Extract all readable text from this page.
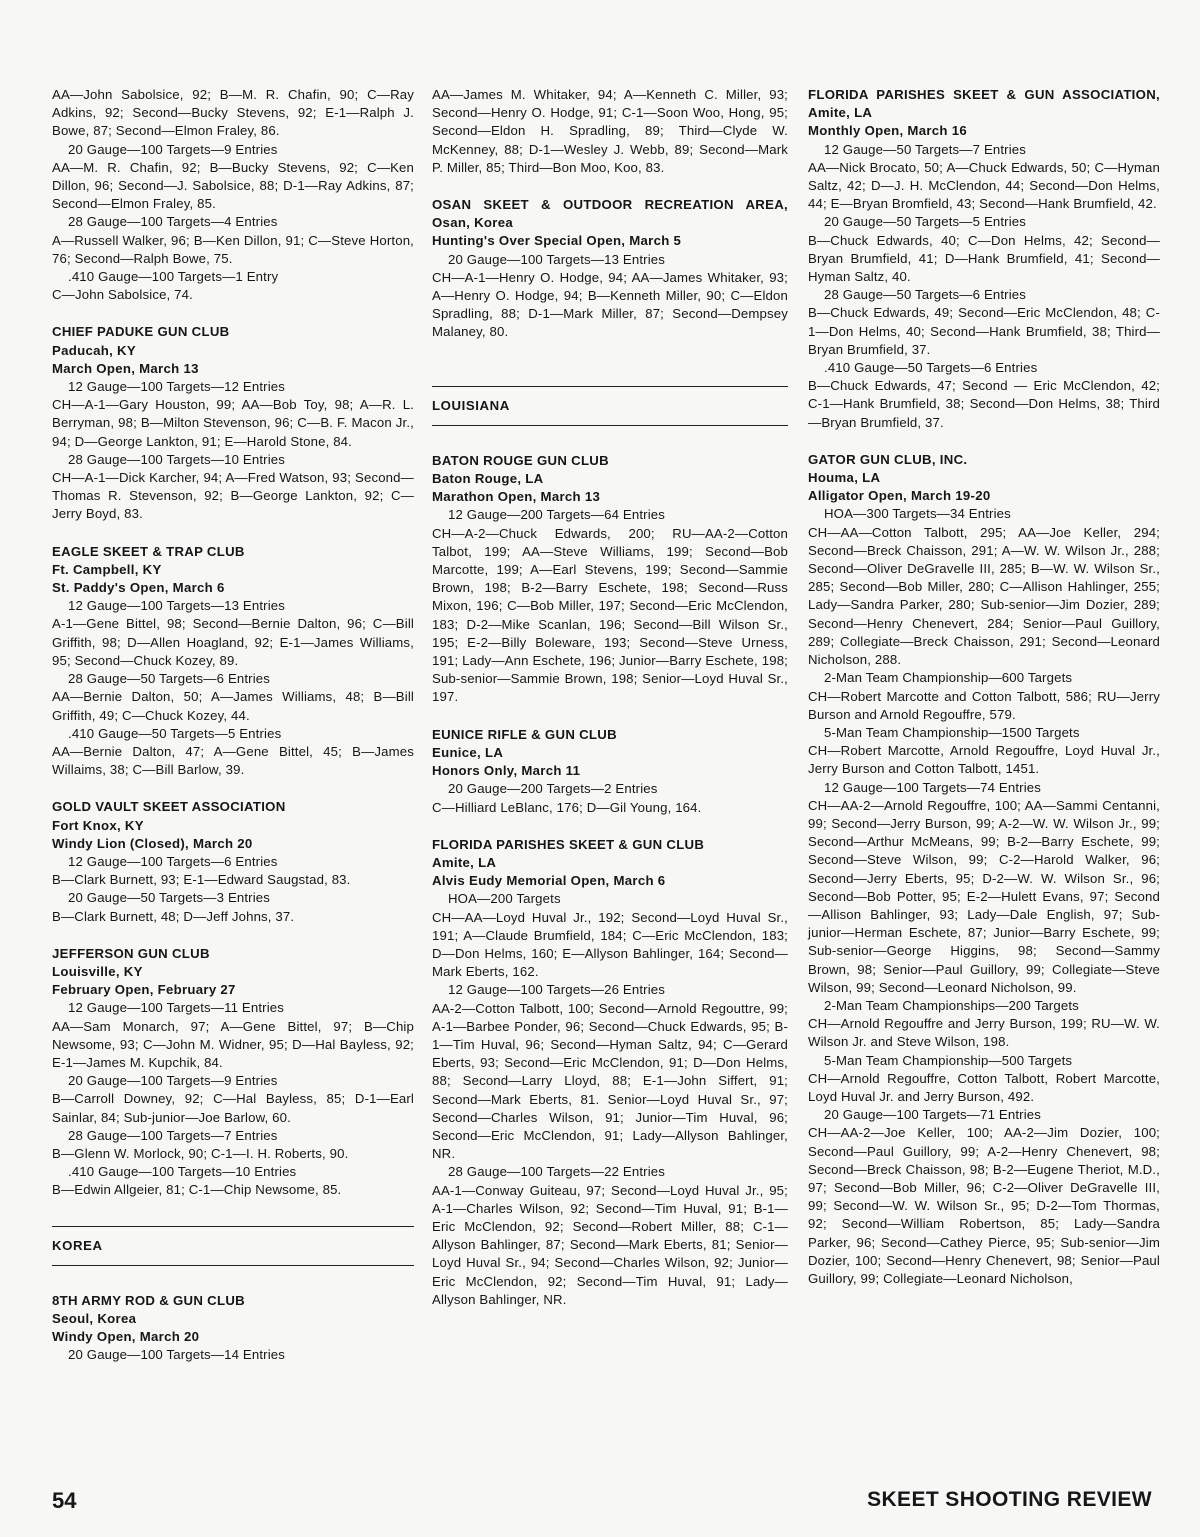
AA—John Sabolsice, 92; B—M. R. Chafin, 90; C—Ray Adkins, 92; Second—Bucky Stevens, 92; E-1—Ralph J. Bowe, 87; Second—Elmon Fraley, 86.

20 Gauge—100 Targets—9 Entries

AA—M. R. Chafin, 92; B—Bucky Stevens, 92; C—Ken Dillon, 96; Second—J. Sabolsice, 88; D-1—Ray Adkins, 87; Second—Elmon Fraley, 85.

28 Gauge—100 Targets—4 Entries

A—Russell Walker, 96; B—Ken Dillon, 91; C—Steve Horton, 76; Second—Ralph Bowe, 75.

.410 Gauge—100 Targets—1 Entry

C—John Sabolsice, 74.

CHIEF PADUKE GUN CLUB

Paducah, KY

March Open, March 13

12 Gauge—100 Targets—12 Entries

CH—A-1—Gary Houston, 99; AA—Bob Toy, 98; A—R. L. Berryman, 98; B—Milton Stevenson, 96; C—B. F. Macon Jr., 94; D—George Lankton, 91; E—Harold Stone, 84.

28 Gauge—100 Targets—10 Entries

CH—A-1—Dick Karcher, 94; A—Fred Watson, 93; Second—Thomas R. Stevenson, 92; B—George Lankton, 92; C—Jerry Boyd, 83.

EAGLE SKEET & TRAP CLUB

Ft. Campbell, KY

St. Paddy's Open, March 6

12 Gauge—100 Targets—13 Entries

A-1—Gene Bittel, 98; Second—Bernie Dalton, 96; C—Bill Griffith, 98; D—Allen Hoagland, 92; E-1—James Williams, 95; Second—Chuck Kozey, 89.

28 Gauge—50 Targets—6 Entries

AA—Bernie Dalton, 50; A—James Williams, 48; B—Bill Griffith, 49; C—Chuck Kozey, 44.

.410 Gauge—50 Targets—5 Entries

AA—Bernie Dalton, 47; A—Gene Bittel, 45; B—James Willaims, 38; C—Bill Barlow, 39.

GOLD VAULT SKEET ASSOCIATION

Fort Knox, KY

Windy Lion (Closed), March 20

12 Gauge—100 Targets—6 Entries

B—Clark Burnett, 93; E-1—Edward Saugstad, 83.

20 Gauge—50 Targets—3 Entries

B—Clark Burnett, 48; D—Jeff Johns, 37.

JEFFERSON GUN CLUB

Louisville, KY

February Open, February 27

12 Gauge—100 Targets—11 Entries

AA—Sam Monarch, 97; A—Gene Bittel, 97; B—Chip Newsome, 93; C—John M. Widner, 95; D—Hal Bayless, 92; E-1—James M. Kupchik, 84.

20 Gauge—100 Targets—9 Entries

B—Carroll Downey, 92; C—Hal Bayless, 85; D-1—Earl Sainlar, 84; Sub-junior—Joe Barlow, 60.

28 Gauge—100 Targets—7 Entries

B—Glenn W. Morlock, 90; C-1—I. H. Roberts, 90.

.410 Gauge—100 Targets—10 Entries

B—Edwin Allgeier, 81; C-1—Chip Newsome, 85.

KOREA

8TH ARMY ROD & GUN CLUB

Seoul, Korea

Windy Open, March 20

20 Gauge—100 Targets—14 Entries

AA—James M. Whitaker, 94; A—Kenneth C. Miller, 93; Second—Henry O. Hodge, 91; C-1—Soon Woo, Hong, 95; Second—Eldon H. Spradling, 89; Third—Clyde W. McKenney, 88; D-1—Wesley J. Webb, 89; Second—Mark P. Miller, 85; Third—Bon Moo, Koo, 83.

OSAN SKEET & OUTDOOR RECREATION AREA, Osan, Korea

Hunting's Over Special Open, March 5

20 Gauge—100 Targets—13 Entries

CH—A-1—Henry O. Hodge, 94; AA—James Whitaker, 93; A—Henry O. Hodge, 94; B—Kenneth Miller, 90; C—Eldon Spradling, 88; D-1—Mark Miller, 87; Second—Dempsey Malaney, 80.

LOUISIANA

BATON ROUGE GUN CLUB

Baton Rouge, LA

Marathon Open, March 13

12 Gauge—200 Targets—64 Entries

CH—A-2—Chuck Edwards, 200; RU—AA-2—Cotton Talbot, 199; AA—Steve Williams, 199; Second—Bob Marcotte, 199; A—Earl Stevens, 199; Second—Sammie Brown, 198; B-2—Barry Eschete, 198; Second—Russ Mixon, 196; C—Bob Miller, 197; Second—Eric McClendon, 183; D-2—Mike Scanlan, 196; Second—Bill Wilson Sr., 195; E-2—Billy Boleware, 193; Second—Steve Urness, 191; Lady—Ann Eschete, 196; Junior—Barry Eschete, 198; Sub-senior—Sammie Brown, 198; Senior—Loyd Huval Sr., 197.

EUNICE RIFLE & GUN CLUB

Eunice, LA

Honors Only, March 11

20 Gauge—200 Targets—2 Entries

C—Hilliard LeBlanc, 176; D—Gil Young, 164.

FLORIDA PARISHES SKEET & GUN CLUB

Amite, LA

Alvis Eudy Memorial Open, March 6

HOA—200 Targets

CH—AA—Loyd Huval Jr., 192; Second—Loyd Huval Sr., 191; A—Claude Brumfield, 184; C—Eric McClendon, 183; D—Don Helms, 160; E—Allyson Bahlinger, 164; Second—Mark Eberts, 162.

12 Gauge—100 Targets—26 Entries

AA-2—Cotton Talbott, 100; Second—Arnold Regouttre, 99; A-1—Barbee Ponder, 96; Second—Chuck Edwards, 95; B-1—Tim Huval, 96; Second—Hyman Saltz, 94; C—Gerard Eberts, 93; Second—Eric McClendon, 91; D—Don Helms, 88; Second—Larry Lloyd, 88; E-1—John Siffert, 91; Second—Mark Eberts, 81. Senior—Loyd Huval Sr., 97; Second—Charles Wilson, 91; Junior—Tim Huval, 96; Second—Eric McClendon, 91; Lady—Allyson Bahlinger, NR.

28 Gauge—100 Targets—22 Entries

AA-1—Conway Guiteau, 97; Second—Loyd Huval Jr., 95; A-1—Charles Wilson, 92; Second—Tim Huval, 91; B-1—Eric McClendon, 92; Second—Robert Miller, 88; C-1—Allyson Bahlinger, 87; Second—Mark Eberts, 81; Senior—Loyd Huval Sr., 94; Second—Charles Wilson, 92; Junior—Eric McClendon, 92; Second—Tim Huval, 91; Lady—Allyson Bahlinger, NR.

FLORIDA PARISHES SKEET & GUN ASSOCIATION, Amite, LA

Monthly Open, March 16

12 Gauge—50 Targets—7 Entries

AA—Nick Brocato, 50; A—Chuck Edwards, 50; C—Hyman Saltz, 42; D—J. H. McClendon, 44; Second—Don Helms, 44; E—Bryan Bromfield, 43; Second—Hank Brumfield, 42.

20 Gauge—50 Targets—5 Entries

B—Chuck Edwards, 40; C—Don Helms, 42; Second—Bryan Brumfield, 41; D—Hank Brumfield, 41; Second—Hyman Saltz, 40.

28 Gauge—50 Targets—6 Entries

B—Chuck Edwards, 49; Second—Eric McClendon, 48; C-1—Don Helms, 40; Second—Hank Brumfield, 38; Third—Bryan Brumfield, 37.

.410 Gauge—50 Targets—6 Entries

B—Chuck Edwards, 47; Second — Eric McClendon, 42; C-1—Hank Brumfield, 38; Second—Don Helms, 38; Third—Bryan Brumfield, 37.

GATOR GUN CLUB, INC.

Houma, LA

Alligator Open, March 19-20

HOA—300 Targets—34 Entries

CH—AA—Cotton Talbott, 295; AA—Joe Keller, 294; Second—Breck Chaisson, 291; A—W. W. Wilson Jr., 288; Second—Oliver DeGravelle III, 285; B—W. W. Wilson Sr., 285; Second—Bob Miller, 280; C—Allison Hahlinger, 255; Lady—Sandra Parker, 280; Sub-senior—Jim Dozier, 289; Second—Henry Chenevert, 284; Senior—Paul Guillory, 289; Collegiate—Breck Chaisson, 291; Second—Leonard Nicholson, 288.

2-Man Team Championship—600 Targets

CH—Robert Marcotte and Cotton Talbott, 586; RU—Jerry Burson and Arnold Regouffre, 579.

5-Man Team Championship—1500 Targets

CH—Robert Marcotte, Arnold Regouffre, Loyd Huval Jr., Jerry Burson and Cotton Talbott, 1451.

12 Gauge—100 Targets—74 Entries

CH—AA-2—Arnold Regouffre, 100; AA—Sammi Centanni, 99; Second—Jerry Burson, 99; A-2—W. W. Wilson Jr., 99; Second—Arthur McMeans, 99; B-2—Barry Eschete, 99; Second—Steve Wilson, 99; C-2—Harold Walker, 96; Second—Jerry Eberts, 95; D-2—W. W. Wilson Sr., 96; Second—Bob Potter, 95; E-2—Hulett Evans, 97; Second—Allison Bahlinger, 93; Lady—Dale English, 97; Sub-junior—Herman Eschete, 87; Junior—Barry Eschete, 99; Sub-senior—George Higgins, 98; Second—Sammy Brown, 98; Senior—Paul Guillory, 99; Collegiate—Steve Wilson, 99; Second—Leonard Nicholson, 99.

2-Man Team Championships—200 Targets

CH—Arnold Regouffre and Jerry Burson, 199; RU—W. W. Wilson Jr. and Steve Wilson, 198.

5-Man Team Championship—500 Targets

CH—Arnold Regouffre, Cotton Talbott, Robert Marcotte, Loyd Huval Jr. and Jerry Burson, 492.

20 Gauge—100 Targets—71 Entries

CH—AA-2—Joe Keller, 100; AA-2—Jim Dozier, 100; Second—Paul Guillory, 99; A-2—Henry Chenevert, 98; Second—Breck Chaisson, 98; B-2—Eugene Theriot, M.D., 97; Second—Bob Miller, 96; C-2—Oliver DeGravelle III, 99; Second—W. W. Wilson Sr., 95; D-2—Tom Thormas, 92; Second—William Robertson, 85; Lady—Sandra Parker, 96; Second—Cathey Pierce, 95; Sub-senior—Jim Dozier, 100; Second—Henry Chenevert, 98; Senior—Paul Guillory, 99; Collegiate—Leonard Nicholson,

54	SKEET SHOOTING REVIEW
